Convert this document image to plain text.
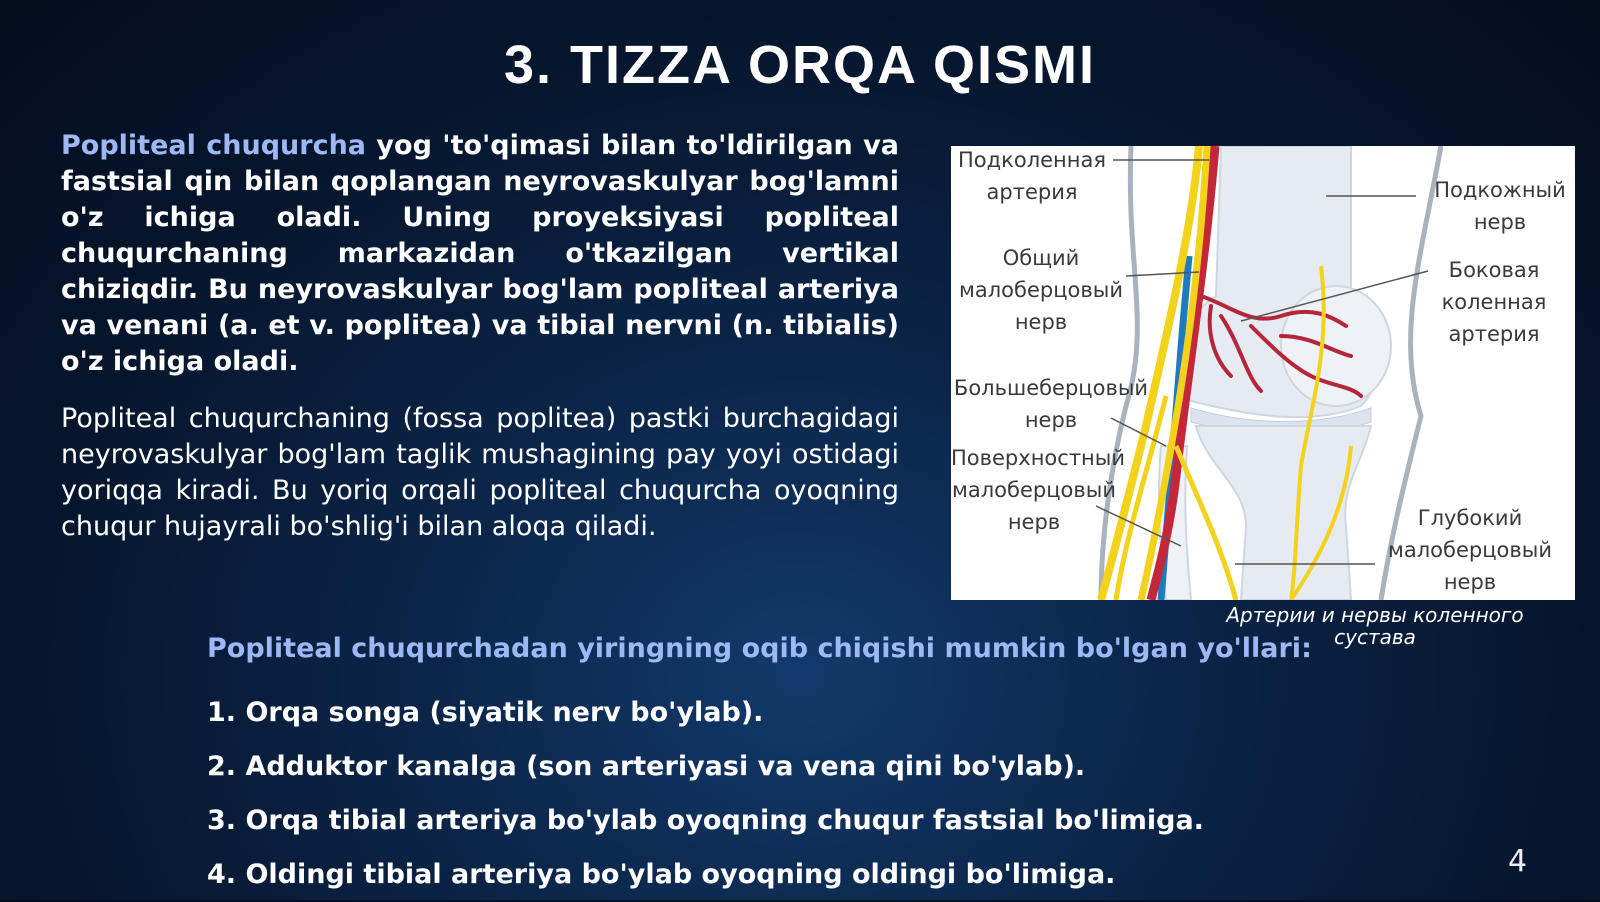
3. TIZZA ORQA QISMI

Popliteal chuqurcha yog 'to'qimasi bilan to'ldirilgan va fastsial qin bilan qoplangan neyrovaskulyar bog'lamni o'z ichiga oladi. Uning proyeksiyasi popliteal chuqurchaning markazidan o'tkazilgan vertikal chiziqdir. Bu neyrovaskulyar bog'lam popliteal arteriya va venani (a. et v. poplitea) va tibial nervni (n. tibialis) o'z ichiga oladi.

Popliteal chuqurchaning (fossa poplitea) pastki burchagidagi neyrovaskulyar bog'lam taglik mushagining pay yoyi ostidagi yoriqqa kiradi. Bu yoriq orqali popliteal chuqurcha oyoqning chuqur hujayrali bo'shlig'i bilan aloqa qiladi.

Подколенная
артерия
Общий
малоберцовый
нерв
Большеберцовый
нерв
Поверхностный
малоберцовый
нерв
Подкожный
нерв
Боковая
коленная
артерия
Глубокий
малоберцовый
нерв
Артерии и нервы коленного
сустава

Popliteal chuqurchadan yiringning oqib chiqishi mumkin bo'lgan yo'llari:

1. Orqa songa (siyatik nerv bo'ylab).
2. Adduktor kanalga (son arteriyasi va vena qini bo'ylab).
3. Orqa tibial arteriya bo'ylab oyoqning chuqur fastsial bo'limiga.
4. Oldingi tibial arteriya bo'ylab oyoqning oldingi bo'limiga.	4
